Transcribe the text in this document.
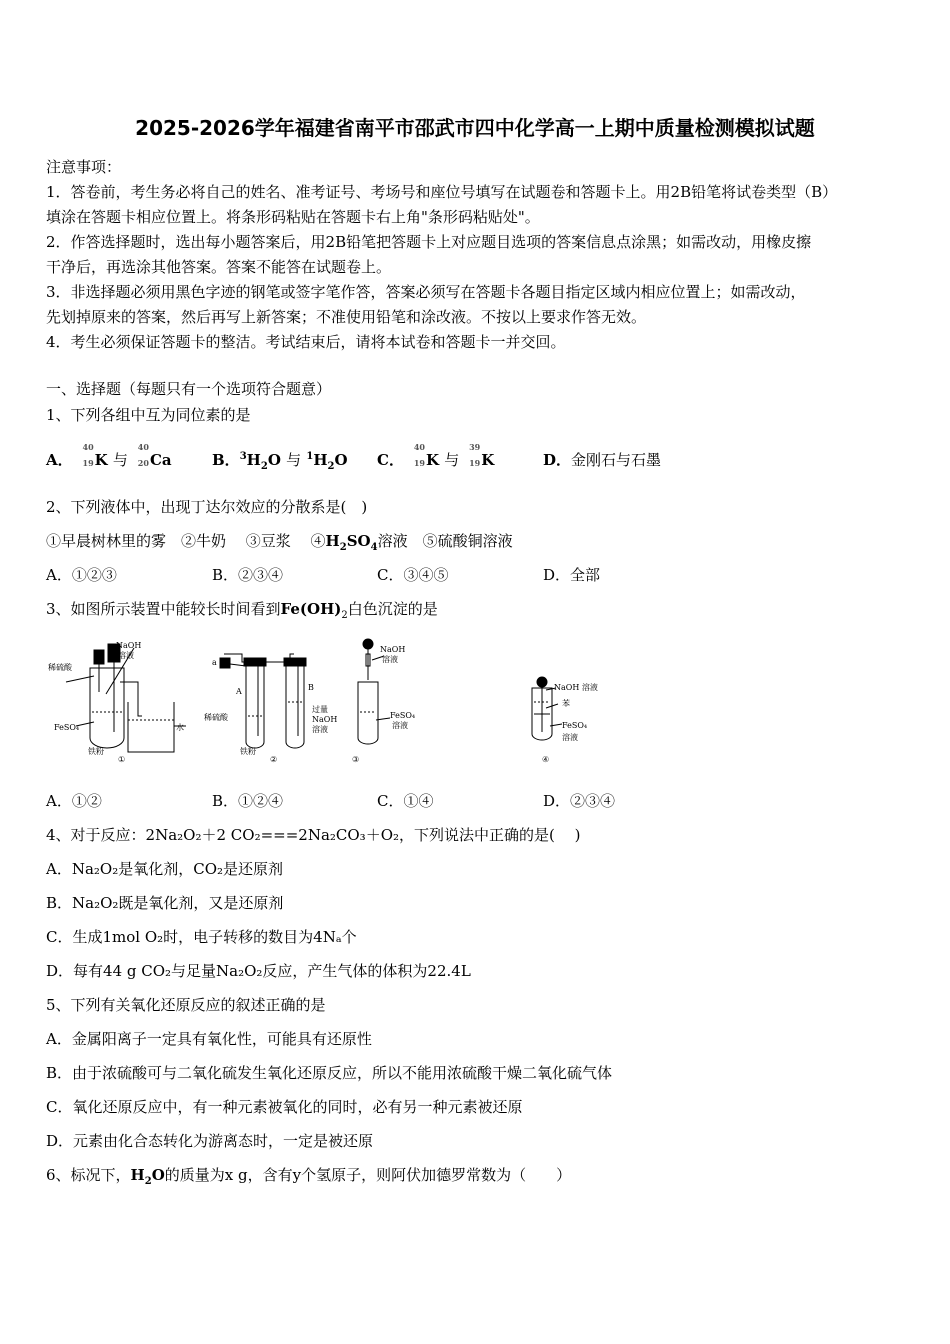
2025-2026学年福建省南平市邵武市四中化学高一上期中质量检测模拟试题
注意事项：
1．答卷前，考生务必将自己的姓名、准考证号、考场号和座位号填写在试题卷和答题卡上。用2B铅笔将试卷类型（B）
填涂在答题卡相应位置上。将条形码粘贴在答题卡右上角"条形码粘贴处"。
2．作答选择题时，选出每小题答案后，用2B铅笔把答题卡上对应题目选项的答案信息点涂黑；如需改动，用橡皮擦
干净后，再选涂其他答案。答案不能答在试题卷上。
3．非选择题必须用黑色字迹的钢笔或签字笔作答，答案必须写在答题卡各题目指定区域内相应位置上；如需改动，
先划掉原来的答案，然后再写上新答案；不准使用铅笔和涂改液。不按以上要求作答无效。
4．考生必须保证答题卡的整洁。考试结束后，请将本试卷和答题卡一并交回。
一、选择题（每题只有一个选项符合题意）
1、下列各组中互为同位素的是
A．
40
19 K 与
40
20 Ca	B．$^3H_2O$ 与 $^1H_2O$ C．
40
19 K 与
39
19 K	D．金刚石与石墨
2、下列液体中，出现丁达尔效应的分散系是(　)
①早晨树林里的雾　②牛奶　 ③豆浆　 $④H_2SO_4$溶液　⑤硫酸铜溶液
A．①②③	B．②③④	C．③④⑤	D．全部
3、如图所示装置中能较长时间看到$Fe(OH)_2$白色沉淀的是
稀硫酸
NaOH
溶液
FeSO₄	水
铁粉
①
a
A	B
稀硫酸
过量
NaOH
溶液
铁粉
②
NaOH
溶液
FeSO₄
溶液
③
NaOH 溶液
苯
FeSO₄
溶液
④
A．①②	B．①②④	C．①④	D．②③④
4、对于反应：2Na₂O₂＋2 CO₂===2Na₂CO₃＋O₂，下列说法中正确的是(　 )
A．Na₂O₂是氧化剂，CO₂是还原剂
B．Na₂O₂既是氧化剂，又是还原剂
C．生成1mol O₂时，电子转移的数目为4Nₐ个
D．每有44 g CO₂与足量Na₂O₂反应，产生气体的体积为22.4L
5、下列有关氧化还原反应的叙述正确的是
A．金属阳离子一定具有氧化性，可能具有还原性
B．由于浓硫酸可与二氧化硫发生氧化还原反应，所以不能用浓硫酸干燥二氧化硫气体
C．氧化还原反应中，有一种元素被氧化的同时，必有另一种元素被还原
D．元素由化合态转化为游离态时，一定是被还原
6、标况下，$H_2O$的质量为x g，含有y个氢原子，则阿伏加德罗常数为（　　）
